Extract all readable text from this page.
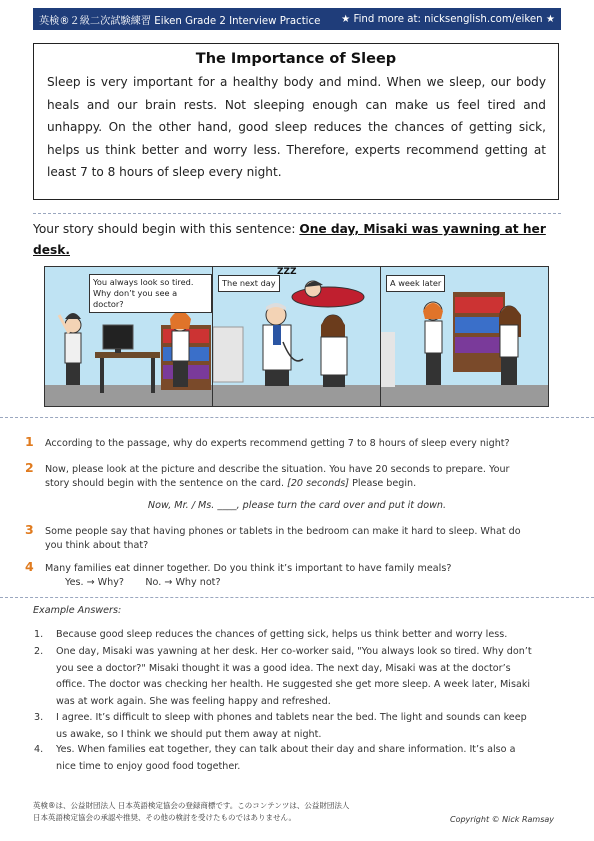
英検®２級二次試験練習 Eiken Grade 2 Interview Practice ★ Find more at: nicksenglish.com/eiken ★
The Importance of Sleep

Sleep is very important for a healthy body and mind. When we sleep, our body heals and our brain rests. Not sleeping enough can make us feel tired and unhappy. On the other hand, good sleep reduces the chances of getting sick, helps us think better and worry less. Therefore, experts recommend getting at least 7 to 8 hours of sleep every night.

Your story should begin with this sentence: One day, Misaki was yawning at her desk.
You always look so tired.
Why don’t you see a doctor?
The next day
ZZZ
A week later
1 According to the passage, why do experts recommend getting 7 to 8 hours of sleep every night?
2 Now, please look at the picture and describe the situation. You have 20 seconds to prepare. Your story should begin with the sentence on the card. [20 seconds] Please begin.
Now, Mr. / Ms. ____, please turn the card over and put it down.
3 Some people say that having phones or tablets in the bedroom can make it hard to sleep. What do you think about that?
4 Many families eat dinner together. Do you think it’s important to have family meals?
Yes. → Why? No. → Why not?
Example Answers:
1. Because good sleep reduces the chances of getting sick, helps us think better and worry less.
2. One day, Misaki was yawning at her desk. Her co-worker said, "You always look so tired. Why don’t you see a doctor?" Misaki thought it was a good idea. The next day, Misaki was at the doctor’s office. The doctor was checking her health. He suggested she get more sleep. A week later, Misaki was at work again. She was feeling happy and refreshed.
3. I agree. It’s difficult to sleep with phones and tablets near the bed. The light and sounds can keep us awake, so I think we should put them away at night.
4. Yes. When families eat together, they can talk about their day and share information. It’s also a nice time to enjoy good food together.
英検®は、公益財団法人 日本英語検定協会の登録商標です。このコンテンツは、公益財団法人
日本英語検定協会の承認や推奨、その他の検討を受けたものではありません。	Copyright © Nick Ramsay
